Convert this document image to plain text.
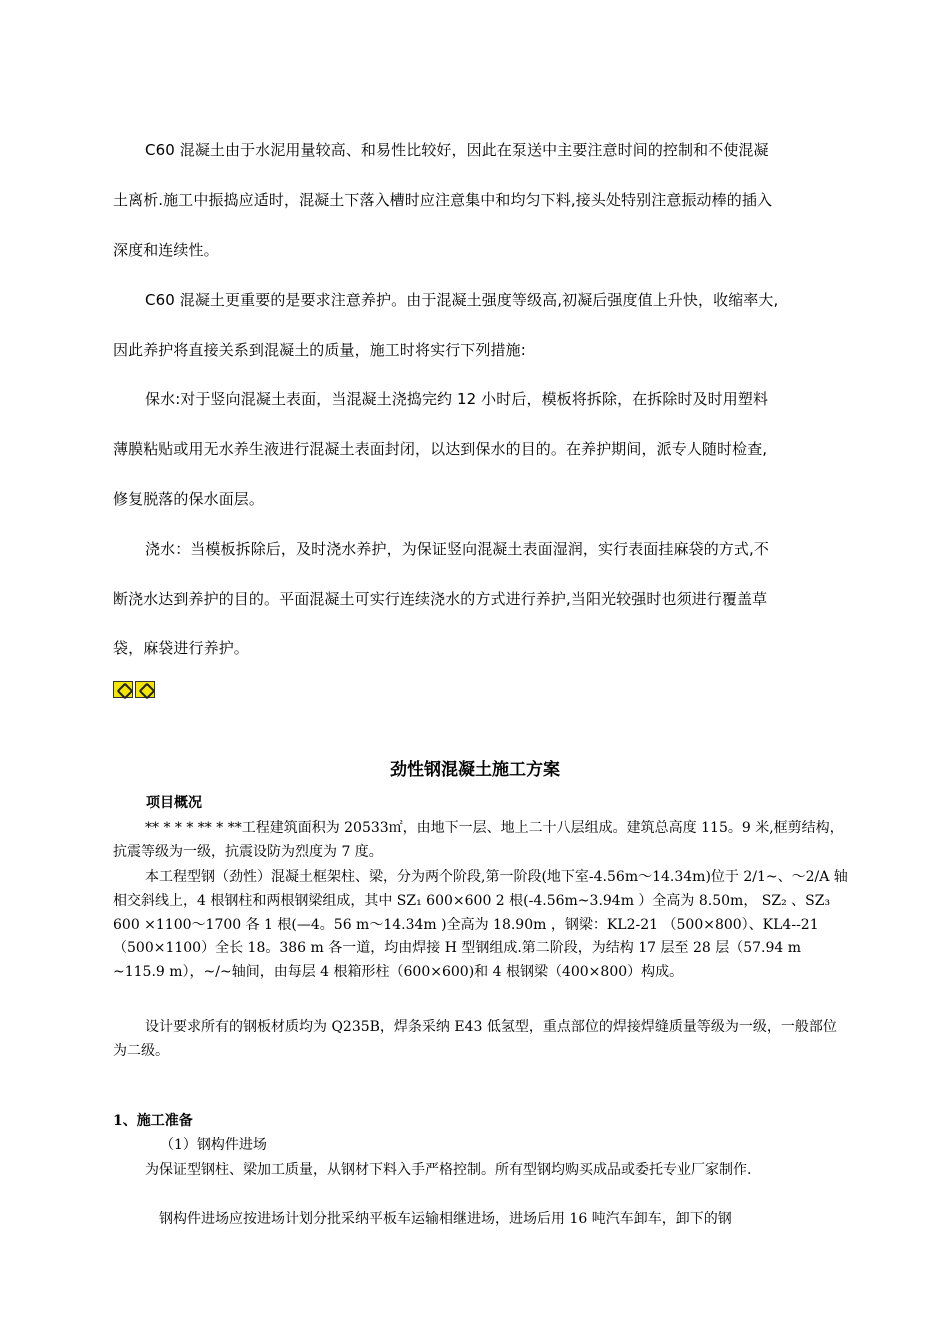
C60 混凝土由于水泥用量较高、和易性比较好，因此在泵送中主要注意时间的控制和不使混凝
土离析.施工中振捣应适时，混凝土下落入槽时应注意集中和均匀下料,接头处特别注意振动棒的插入
深度和连续性。
C60 混凝土更重要的是要求注意养护。由于混凝土强度等级高,初凝后强度值上升快，收缩率大,
因此养护将直接关系到混凝土的质量，施工时将实行下列措施:
保水:对于竖向混凝土表面，当混凝土浇捣完约 12 小时后，模板将拆除，在拆除时及时用塑料
薄膜粘贴或用无水养生液进行混凝土表面封闭，以达到保水的目的。在养护期间，派专人随时检查,
修复脱落的保水面层。
浇水：当模板拆除后，及时浇水养护，为保证竖向混凝土表面湿润，实行表面挂麻袋的方式,不
断浇水达到养护的目的。平面混凝土可实行连续浇水的方式进行养护,当阳光较强时也须进行覆盖草
袋，麻袋进行养护。
劲性钢混凝土施工方案
项目概况
** * * * ** * **工程建筑面积为 20533㎡，由地下一层、地上二十八层组成。建筑总高度 115。9 米,框剪结构，抗震等级为一级，抗震设防为烈度为 7 度。
本工程型钢（劲性）混凝土框架柱、梁，分为两个阶段,第一阶段(地下室-4.56m～14.34m)位于 2/1~、～2/A 轴相交斜线上，4 根钢柱和两根钢梁组成，其中 SZ₁ 600×600 2 根(-4.56m~3.94m ）全高为 8.50m， SZ₂ 、SZ₃ 600 ×1100～1700 各 1 根(—4。56 m～14.34m )全高为 18.90m ，钢梁：KL2-21 （500×800）、KL4--21（500×1100）全长 18。386 m 各一道，均由焊接 H 型钢组成.第二阶段，为结构 17 层至 28 层（57.94 m ~115.9 m），~/~轴间，由每层 4 根箱形柱（600×600)和 4 根钢梁（400×800）构成。
设计要求所有的钢板材质均为 Q235B，焊条采纳 E43 低氢型，重点部位的焊接焊缝质量等级为一级，一般部位为二级。
1、施工准备
（1）钢构件进场
为保证型钢柱、梁加工质量，从钢材下料入手严格控制。所有型钢均购买成品或委托专业厂家制作.
钢构件进场应按进场计划分批采纳平板车运输相继进场，进场后用 16 吨汽车卸车，卸下的钢
